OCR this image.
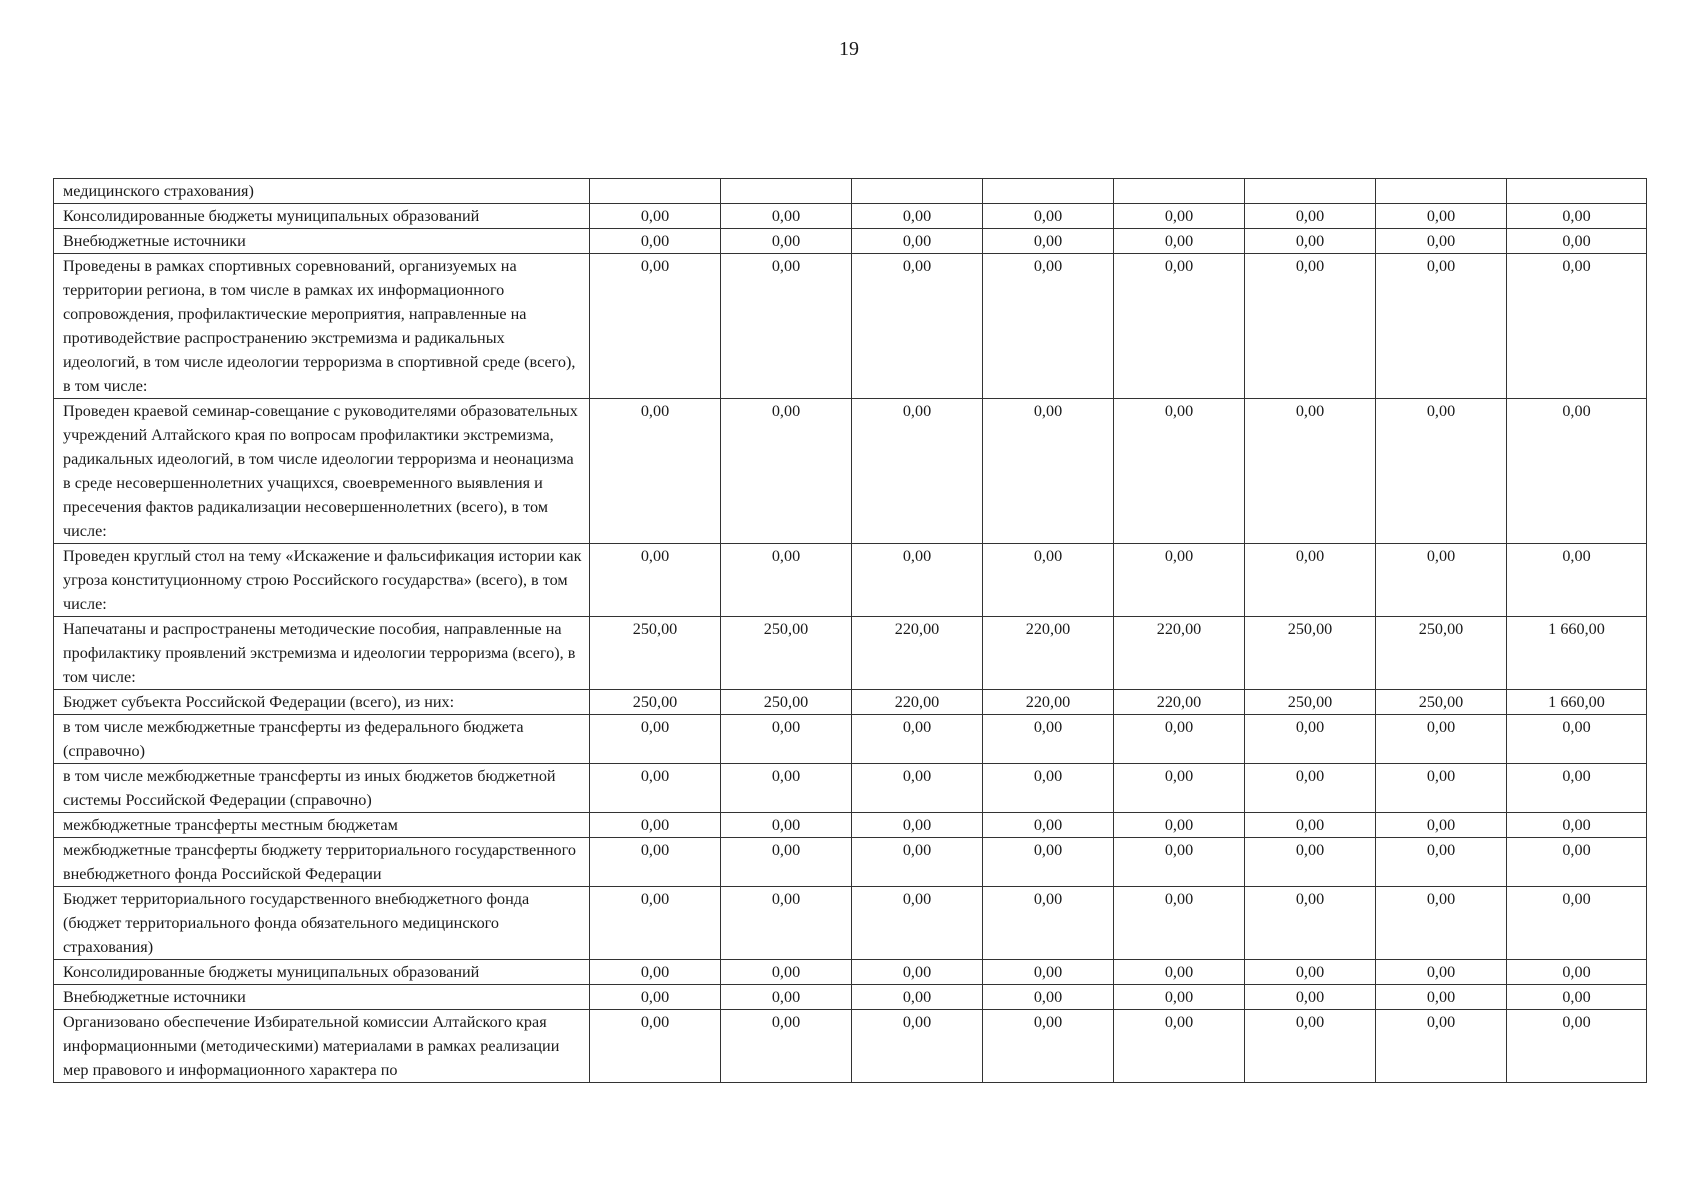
19
медицинского страхования)								
Консолидированные бюджеты муниципальных образований	0,00	0,00	0,00	0,00	0,00	0,00	0,00	0,00
Внебюджетные источники	0,00	0,00	0,00	0,00	0,00	0,00	0,00	0,00
Проведены в рамках спортивных соревнований, организуемых на территории региона, в том числе в рамках их информационного сопровождения, профилактические мероприятия, направленные на противодействие распространению экстремизма и радикальных идеологий, в том числе идеологии терроризма в спортивной среде (всего), в том числе:	0,00	0,00	0,00	0,00	0,00	0,00	0,00	0,00
Проведен краевой семинар-совещание с руководителями образовательных учреждений Алтайского края по вопросам профилактики экстремизма, радикальных идеологий, в том числе идеологии терроризма и неонацизма в среде несовершеннолетних учащихся, своевременного выявления и пресечения фактов радикализации несовершеннолетних (всего), в том числе:	0,00	0,00	0,00	0,00	0,00	0,00	0,00	0,00
Проведен круглый стол на тему «Искажение и фальсификация истории как угроза конституционному строю Российского государства» (всего), в том числе:	0,00	0,00	0,00	0,00	0,00	0,00	0,00	0,00
Напечатаны и распространены методические пособия, направленные на профилактику проявлений экстремизма и идеологии терроризма (всего), в том числе:	250,00	250,00	220,00	220,00	220,00	250,00	250,00	1 660,00
Бюджет субъекта Российской Федерации (всего), из них:	250,00	250,00	220,00	220,00	220,00	250,00	250,00	1 660,00
в том числе межбюджетные трансферты из федерального бюджета (справочно)	0,00	0,00	0,00	0,00	0,00	0,00	0,00	0,00
в том числе межбюджетные трансферты из иных бюджетов бюджетной системы Российской Федерации (справочно)	0,00	0,00	0,00	0,00	0,00	0,00	0,00	0,00
межбюджетные трансферты местным бюджетам	0,00	0,00	0,00	0,00	0,00	0,00	0,00	0,00
межбюджетные трансферты бюджету территориального государственного внебюджетного фонда Российской Федерации	0,00	0,00	0,00	0,00	0,00	0,00	0,00	0,00
Бюджет территориального государственного внебюджетного фонда (бюджет территориального фонда обязательного медицинского страхования)	0,00	0,00	0,00	0,00	0,00	0,00	0,00	0,00
Консолидированные бюджеты муниципальных образований	0,00	0,00	0,00	0,00	0,00	0,00	0,00	0,00
Внебюджетные источники	0,00	0,00	0,00	0,00	0,00	0,00	0,00	0,00
Организовано обеспечение Избирательной комиссии Алтайского края информационными (методическими) материалами в рамках реализации мер правового и информационного характера по	0,00	0,00	0,00	0,00	0,00	0,00	0,00	0,00
